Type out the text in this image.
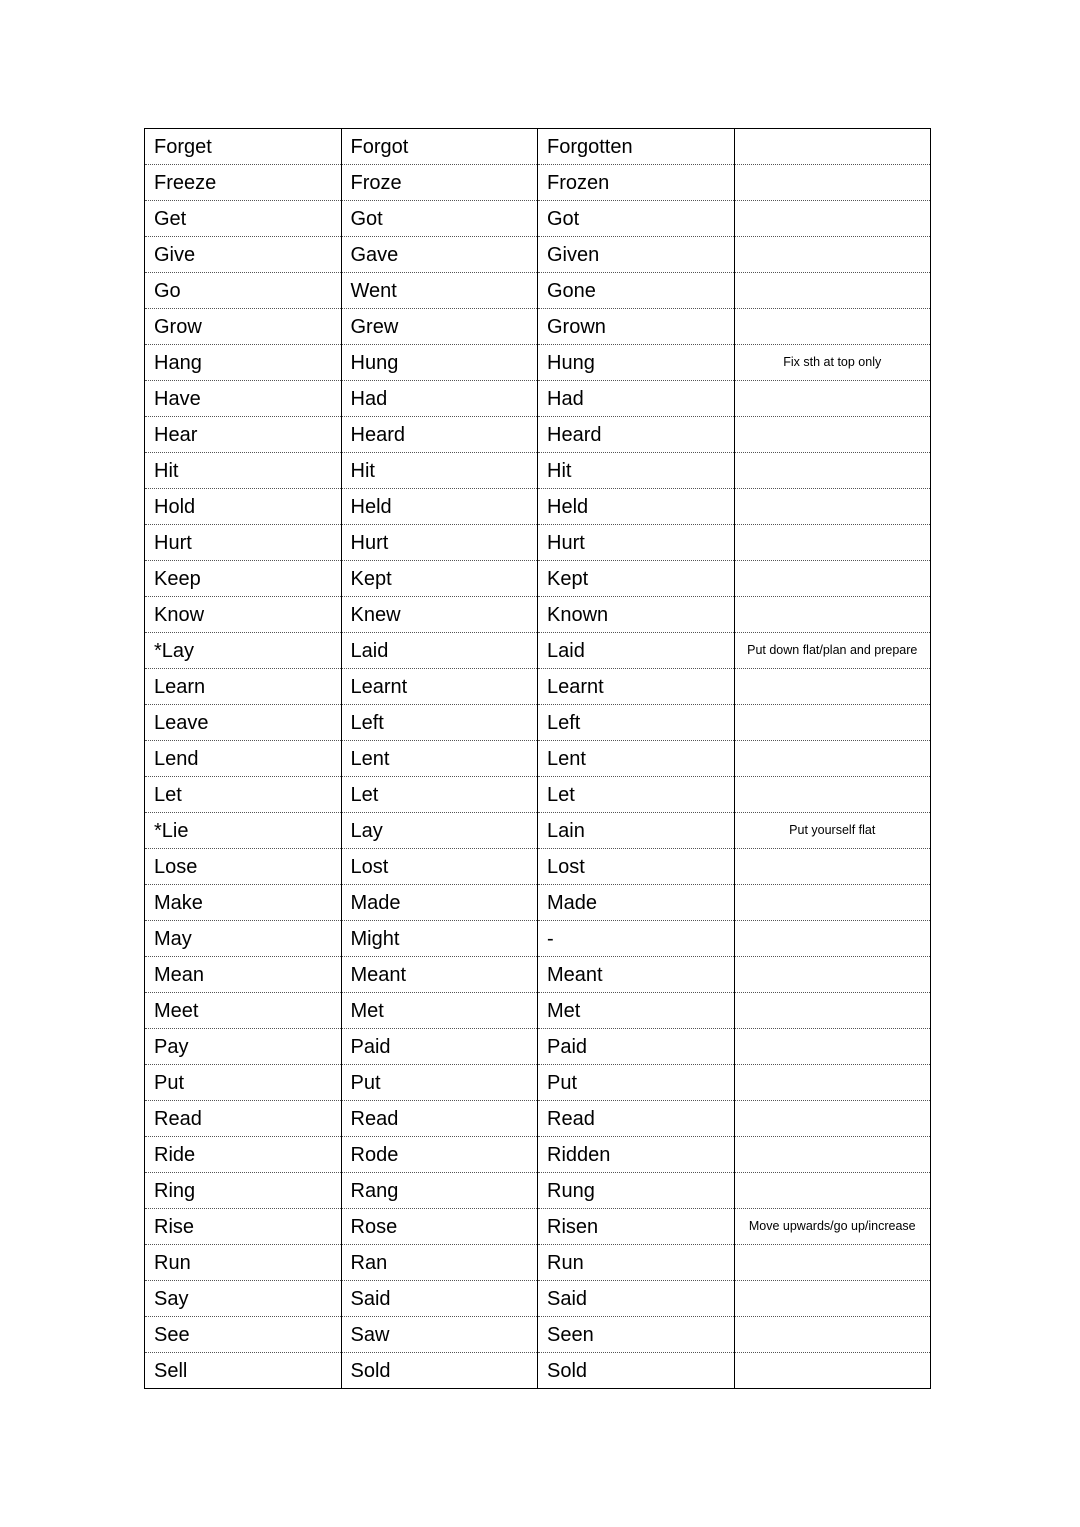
Forget	Forgot	Forgotten	
Freeze	Froze	Frozen	
Get	Got	Got	
Give	Gave	Given	
Go	Went	Gone	
Grow	Grew	Grown	
Hang	Hung	Hung	Fix sth at top only
Have	Had	Had	
Hear	Heard	Heard	
Hit	Hit	Hit	
Hold	Held	Held	
Hurt	Hurt	Hurt	
Keep	Kept	Kept	
Know	Knew	Known	
*Lay	Laid	Laid	Put down flat/plan and prepare
Learn	Learnt	Learnt	
Leave	Left	Left	
Lend	Lent	Lent	
Let	Let	Let	
*Lie	Lay	Lain	Put yourself flat
Lose	Lost	Lost	
Make	Made	Made	
May	Might	-	
Mean	Meant	Meant	
Meet	Met	Met	
Pay	Paid	Paid	
Put	Put	Put	
Read	Read	Read	
Ride	Rode	Ridden	
Ring	Rang	Rung	
Rise	Rose	Risen	Move upwards/go up/increase
Run	Ran	Run	
Say	Said	Said	
See	Saw	Seen	
Sell	Sold	Sold	
